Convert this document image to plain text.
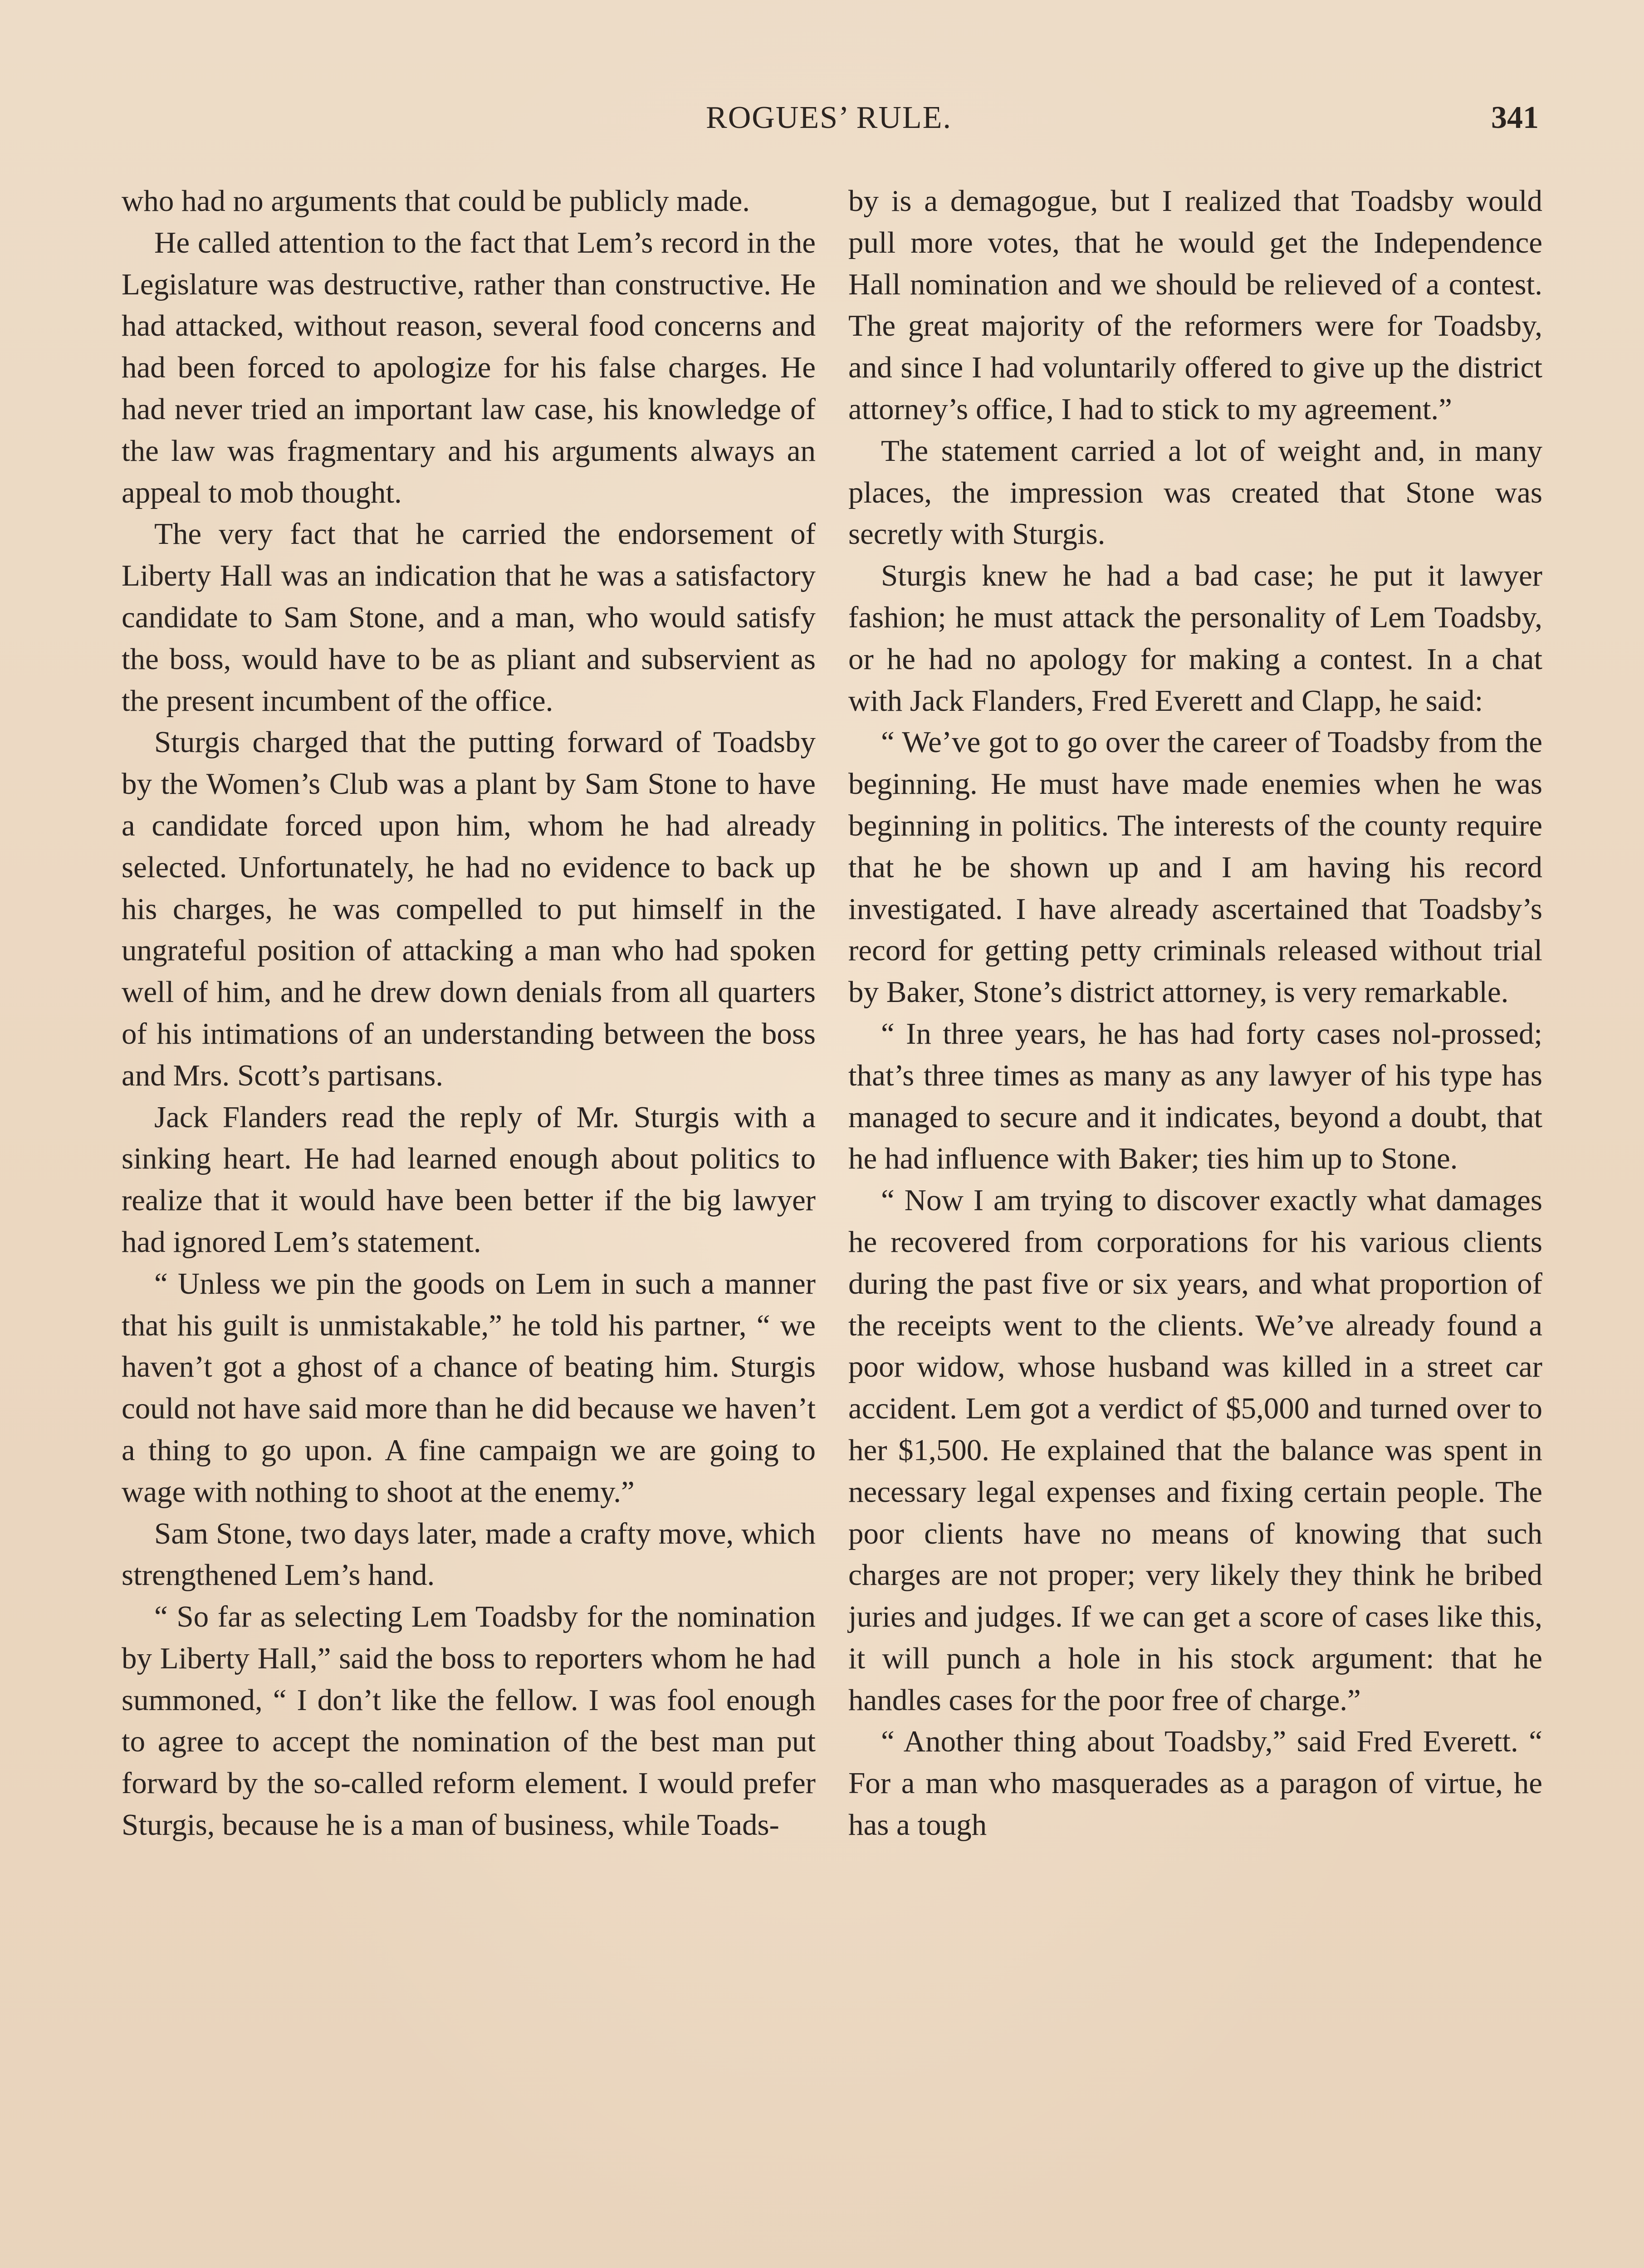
ROGUES’ RULE.	341

who had no arguments that could be publicly made.

He called attention to the fact that Lem’s record in the Legislature was destructive, rather than constructive. He had attacked, without reason, several food concerns and had been forced to apologize for his false charges. He had never tried an important law case, his knowledge of the law was fragmentary and his arguments always an appeal to mob thought.

The very fact that he carried the endorsement of Liberty Hall was an indication that he was a satisfactory candidate to Sam Stone, and a man, who would satisfy the boss, would have to be as pliant and subservient as the present incumbent of the office.

Sturgis charged that the putting forward of Toadsby by the Women’s Club was a plant by Sam Stone to have a candidate forced upon him, whom he had already selected. Unfortunately, he had no evidence to back up his charges, he was compelled to put himself in the ungrateful position of attacking a man who had spoken well of him, and he drew down denials from all quarters of his intimations of an understanding between the boss and Mrs. Scott’s partisans.

Jack Flanders read the reply of Mr. Sturgis with a sinking heart. He had learned enough about politics to realize that it would have been better if the big lawyer had ignored Lem’s statement.

“ Unless we pin the goods on Lem in such a manner that his guilt is unmistakable,” he told his partner, “ we haven’t got a ghost of a chance of beating him. Sturgis could not have said more than he did because we haven’t a thing to go upon. A fine campaign we are going to wage with nothing to shoot at the enemy.”

Sam Stone, two days later, made a crafty move, which strengthened Lem’s hand.

“ So far as selecting Lem Toadsby for the nomination by Liberty Hall,” said the boss to reporters whom he had summoned, “ I don’t like the fellow. I was fool enough to agree to accept the nomination of the best man put forward by the so-called reform element. I would prefer Sturgis, because he is a man of business, while Toads-

by is a demagogue, but I realized that Toadsby would pull more votes, that he would get the Independence Hall nomination and we should be relieved of a contest. The great majority of the reformers were for Toadsby, and since I had voluntarily offered to give up the district attorney’s office, I had to stick to my agreement.”

The statement carried a lot of weight and, in many places, the impression was created that Stone was secretly with Sturgis.

Sturgis knew he had a bad case; he put it lawyer fashion; he must attack the personality of Lem Toadsby, or he had no apology for making a contest. In a chat with Jack Flanders, Fred Everett and Clapp, he said:

“ We’ve got to go over the career of Toadsby from the beginning. He must have made enemies when he was beginning in politics. The interests of the county require that he be shown up and I am having his record investigated. I have already ascertained that Toadsby’s record for getting petty criminals released without trial by Baker, Stone’s district attorney, is very remarkable.

“ In three years, he has had forty cases nol-prossed; that’s three times as many as any lawyer of his type has managed to secure and it indicates, beyond a doubt, that he had influence with Baker; ties him up to Stone.

“ Now I am trying to discover exactly what damages he recovered from corporations for his various clients during the past five or six years, and what proportion of the receipts went to the clients. We’ve already found a poor widow, whose husband was killed in a street car accident. Lem got a verdict of $5,000 and turned over to her $1,500. He explained that the balance was spent in necessary legal expenses and fixing certain people. The poor clients have no means of knowing that such charges are not proper; very likely they think he bribed juries and judges. If we can get a score of cases like this, it will punch a hole in his stock argument: that he handles cases for the poor free of charge.”

“ Another thing about Toadsby,” said Fred Everett. “ For a man who masquerades as a paragon of virtue, he has a tough
